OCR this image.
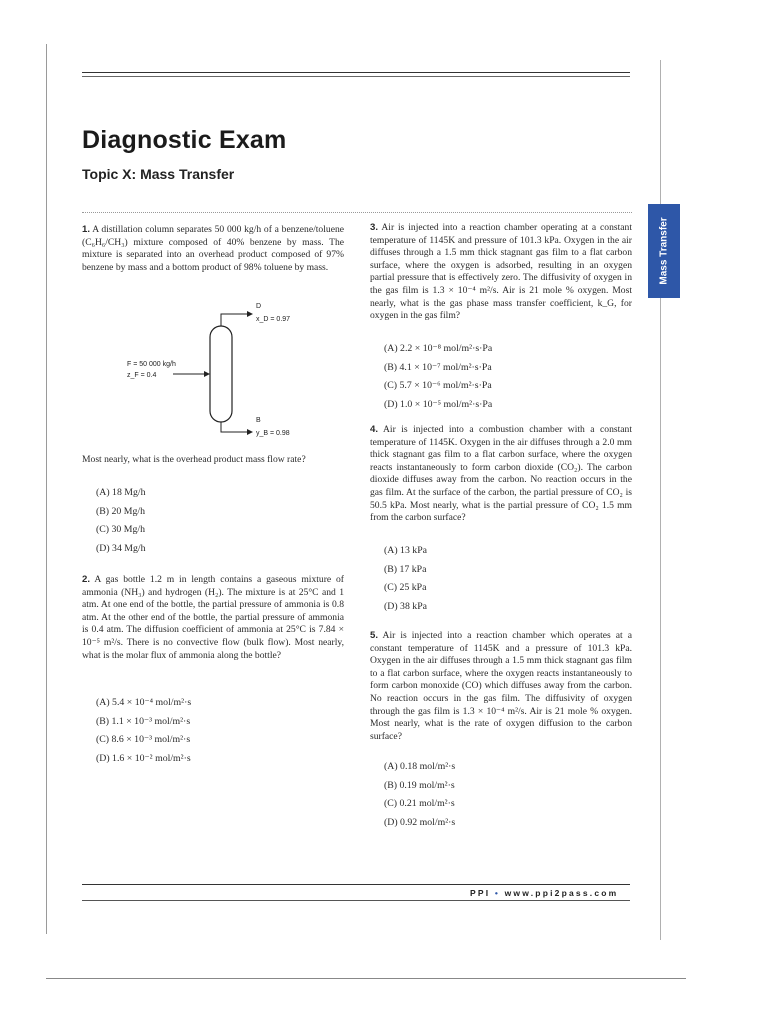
Diagnostic Exam
Topic X: Mass Transfer
Mass Transfer
1. A distillation column separates 50 000 kg/h of a benzene/toluene (C₆H₆/CH₃) mixture composed of 40% benzene by mass. The mixture is separated into an overhead product composed of 97% benzene by mass and a bottom product of 98% toluene by mass.
D
x_D = 0.97
F = 50 000 kg/h
z_F = 0.4
B
y_B = 0.98
Most nearly, what is the overhead product mass flow rate?
(A) 18 Mg/h
(B) 20 Mg/h
(C) 30 Mg/h
(D) 34 Mg/h
2. A gas bottle 1.2 m in length contains a gaseous mixture of ammonia (NH₃) and hydrogen (H₂). The mixture is at 25°C and 1 atm. At one end of the bottle, the partial pressure of ammonia is 0.8 atm. At the other end of the bottle, the partial pressure of ammonia is 0.4 atm. The diffusion coefficient of ammonia at 25°C is 7.84 × 10⁻⁵ m²/s. There is no convective flow (bulk flow). Most nearly, what is the molar flux of ammonia along the bottle?
(A) 5.4 × 10⁻⁴ mol/m²·s
(B) 1.1 × 10⁻³ mol/m²·s
(C) 8.6 × 10⁻³ mol/m²·s
(D) 1.6 × 10⁻² mol/m²·s
3. Air is injected into a reaction chamber operating at a constant temperature of 1145K and pressure of 101.3 kPa. Oxygen in the air diffuses through a 1.5 mm thick stagnant gas film to a flat carbon surface, where the oxygen is adsorbed, resulting in an oxygen partial pressure that is effectively zero. The diffusivity of oxygen in the gas film is 1.3 × 10⁻⁴ m²/s. Air is 21 mole % oxygen. Most nearly, what is the gas phase mass transfer coefficient, k_G, for oxygen in the gas film?
(A) 2.2 × 10⁻⁸ mol/m²·s·Pa
(B) 4.1 × 10⁻⁷ mol/m²·s·Pa
(C) 5.7 × 10⁻⁶ mol/m²·s·Pa
(D) 1.0 × 10⁻⁵ mol/m²·s·Pa
4. Air is injected into a combustion chamber with a constant temperature of 1145K. Oxygen in the air diffuses through a 2.0 mm thick stagnant gas film to a flat carbon surface, where the oxygen reacts instantaneously to form carbon dioxide (CO₂). The carbon dioxide diffuses away from the carbon. No reaction occurs in the gas film. At the surface of the carbon, the partial pressure of CO₂ is 50.5 kPa. Most nearly, what is the partial pressure of CO₂ 1.5 mm from the carbon surface?
(A) 13 kPa
(B) 17 kPa
(C) 25 kPa
(D) 38 kPa
5. Air is injected into a reaction chamber which operates at a constant temperature of 1145K and a pressure of 101.3 kPa. Oxygen in the air diffuses through a 1.5 mm thick stagnant gas film to a flat carbon surface, where the oxygen reacts instantaneously to form carbon monoxide (CO) which diffuses away from the carbon. No reaction occurs in the gas film. The diffusivity of oxygen through the gas film is 1.3 × 10⁻⁴ m²/s. Air is 21 mole % oxygen. Most nearly, what is the rate of oxygen diffusion to the carbon surface?
(A) 0.18 mol/m²·s
(B) 0.19 mol/m²·s
(C) 0.21 mol/m²·s
(D) 0.92 mol/m²·s
PPI • www.ppi2pass.com
